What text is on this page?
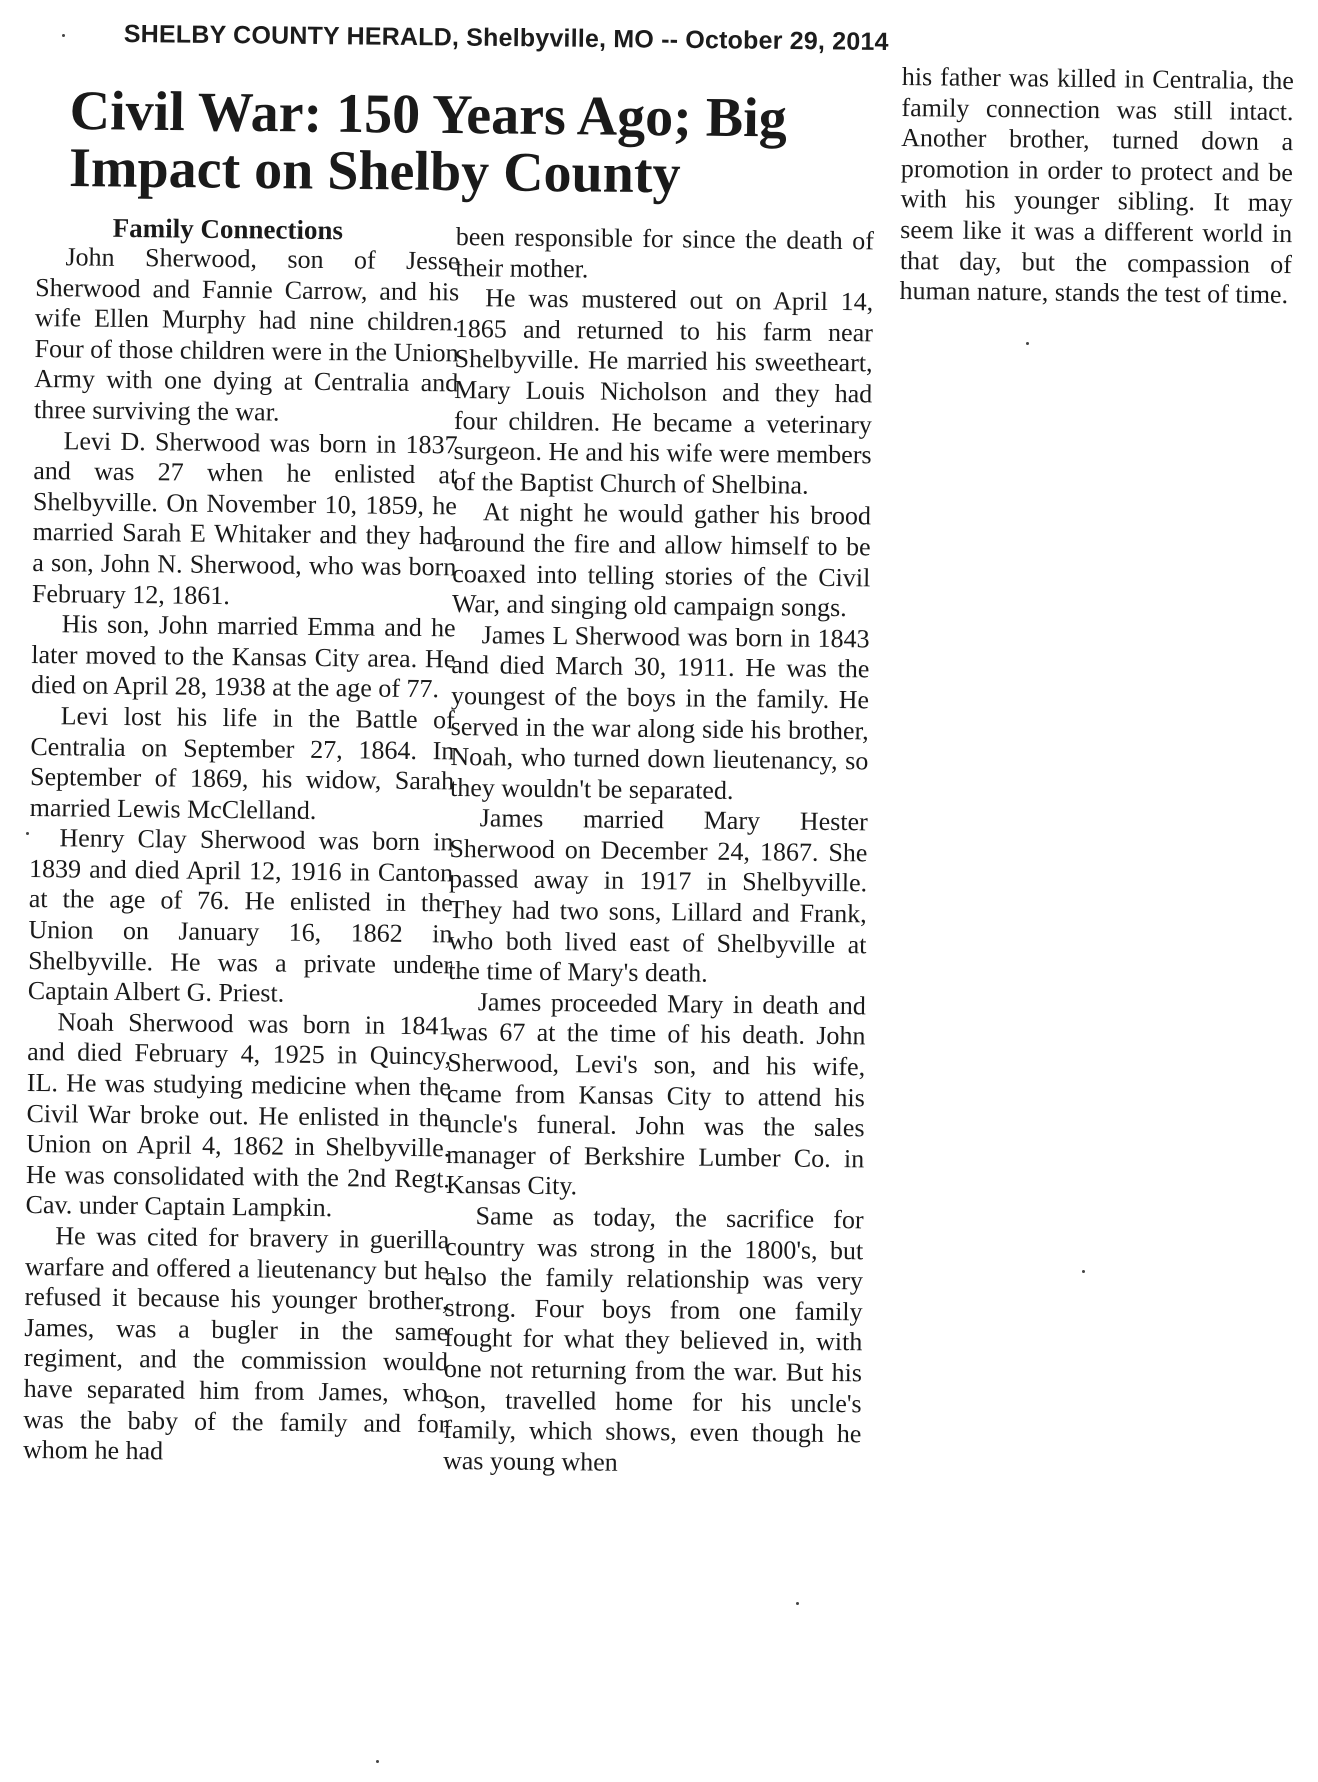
SHELBY COUNTY HERALD, Shelbyville, MO -- October 29, 2014
Civil War: 150 Years Ago; Big Impact on Shelby County
Family Connections

John Sherwood, son of Jesse Sherwood and Fannie Carrow, and his wife Ellen Murphy had nine children. Four of those children were in the Union Army with one dying at Centralia and three surviving the war.

Levi D. Sherwood was born in 1837 and was 27 when he enlisted at Shelbyville. On November 10, 1859, he married Sarah E Whitaker and they had a son, John N. Sherwood, who was born February 12, 1861.

His son, John married Emma and he later moved to the Kansas City area. He died on April 28, 1938 at the age of 77.

Levi lost his life in the Battle of Centralia on September 27, 1864. In September of 1869, his widow, Sarah married Lewis McClelland.

Henry Clay Sherwood was born in 1839 and died April 12, 1916 in Canton at the age of 76. He enlisted in the Union on January 16, 1862 in Shelbyville. He was a private under Captain Albert G. Priest.

Noah Sherwood was born in 1841 and died February 4, 1925 in Quincy, IL. He was studying medicine when the Civil War broke out. He enlisted in the Union on April 4, 1862 in Shelbyville. He was consolidated with the 2nd Regt. Cav. under Captain Lampkin.

He was cited for bravery in guerilla warfare and offered a lieutenancy but he refused it because his younger brother, James, was a bugler in the same regiment, and the commission would have separated him from James, who was the baby of the family and for whom he had

been responsible for since the death of their mother.

He was mustered out on April 14, 1865 and returned to his farm near Shelbyville. He married his sweetheart, Mary Louis Nicholson and they had four children. He became a veterinary surgeon. He and his wife were members of the Baptist Church of Shelbina.

At night he would gather his brood around the fire and allow himself to be coaxed into telling stories of the Civil War, and singing old campaign songs.

James L Sherwood was born in 1843 and died March 30, 1911. He was the youngest of the boys in the family. He served in the war along side his brother, Noah, who turned down lieutenancy, so they wouldn't be separated.

James married Mary Hester Sherwood on December 24, 1867. She passed away in 1917 in Shelbyville. They had two sons, Lillard and Frank, who both lived east of Shelbyville at the time of Mary's death.

James proceeded Mary in death and was 67 at the time of his death. John Sherwood, Levi's son, and his wife, came from Kansas City to attend his uncle's funeral. John was the sales manager of Berkshire Lumber Co. in Kansas City.

Same as today, the sacrifice for country was strong in the 1800's, but also the family relationship was very strong. Four boys from one family fought for what they believed in, with one not returning from the war. But his son, travelled home for his uncle's family, which shows, even though he was young when

his father was killed in Centralia, the family connection was still intact. Another brother, turned down a promotion in order to protect and be with his younger sibling. It may seem like it was a different world in that day, but the compassion of human nature, stands the test of time.
